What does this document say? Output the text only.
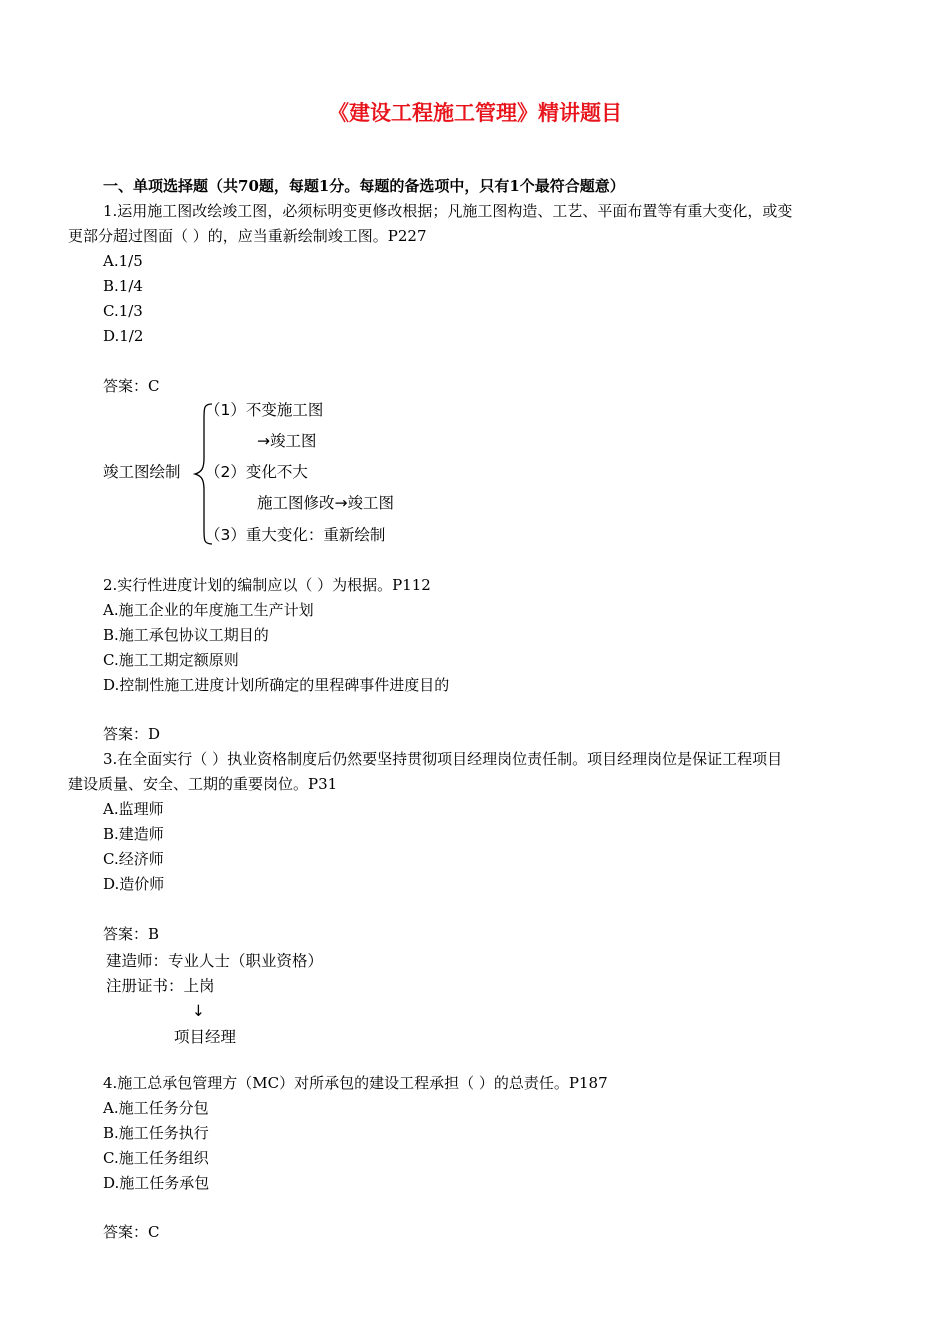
《建设工程施工管理》精讲题目
一、单项选择题（共70题，每题1分。每题的备选项中，只有1个最符合题意）
1.运用施工图改绘竣工图，必须标明变更修改根据；凡施工图构造、工艺、平面布置等有重大变化，或变
更部分超过图面（ ）的，应当重新绘制竣工图。P227
A.1/5
B.1/4
C.1/3
D.1/2
答案：C
竣工图绘制
（1）不变施工图
→竣工图
（2）变化不大
施工图修改→竣工图
（3）重大变化：重新绘制
2.实行性进度计划的编制应以（ ）为根据。P112
A.施工企业的年度施工生产计划
B.施工承包协议工期目的
C.施工工期定额原则
D.控制性施工进度计划所确定的里程碑事件进度目的
答案：D
3.在全面实行（ ）执业资格制度后仍然要坚持贯彻项目经理岗位责任制。项目经理岗位是保证工程项目
建设质量、安全、工期的重要岗位。P31
A.监理师
B.建造师
C.经济师
D.造价师
答案：B
建造师：专业人士（职业资格）
注册证书：上岗
↓
项目经理
4.施工总承包管理方（MC）对所承包的建设工程承担（ ）的总责任。P187
A.施工任务分包
B.施工任务执行
C.施工任务组织
D.施工任务承包
答案：C
